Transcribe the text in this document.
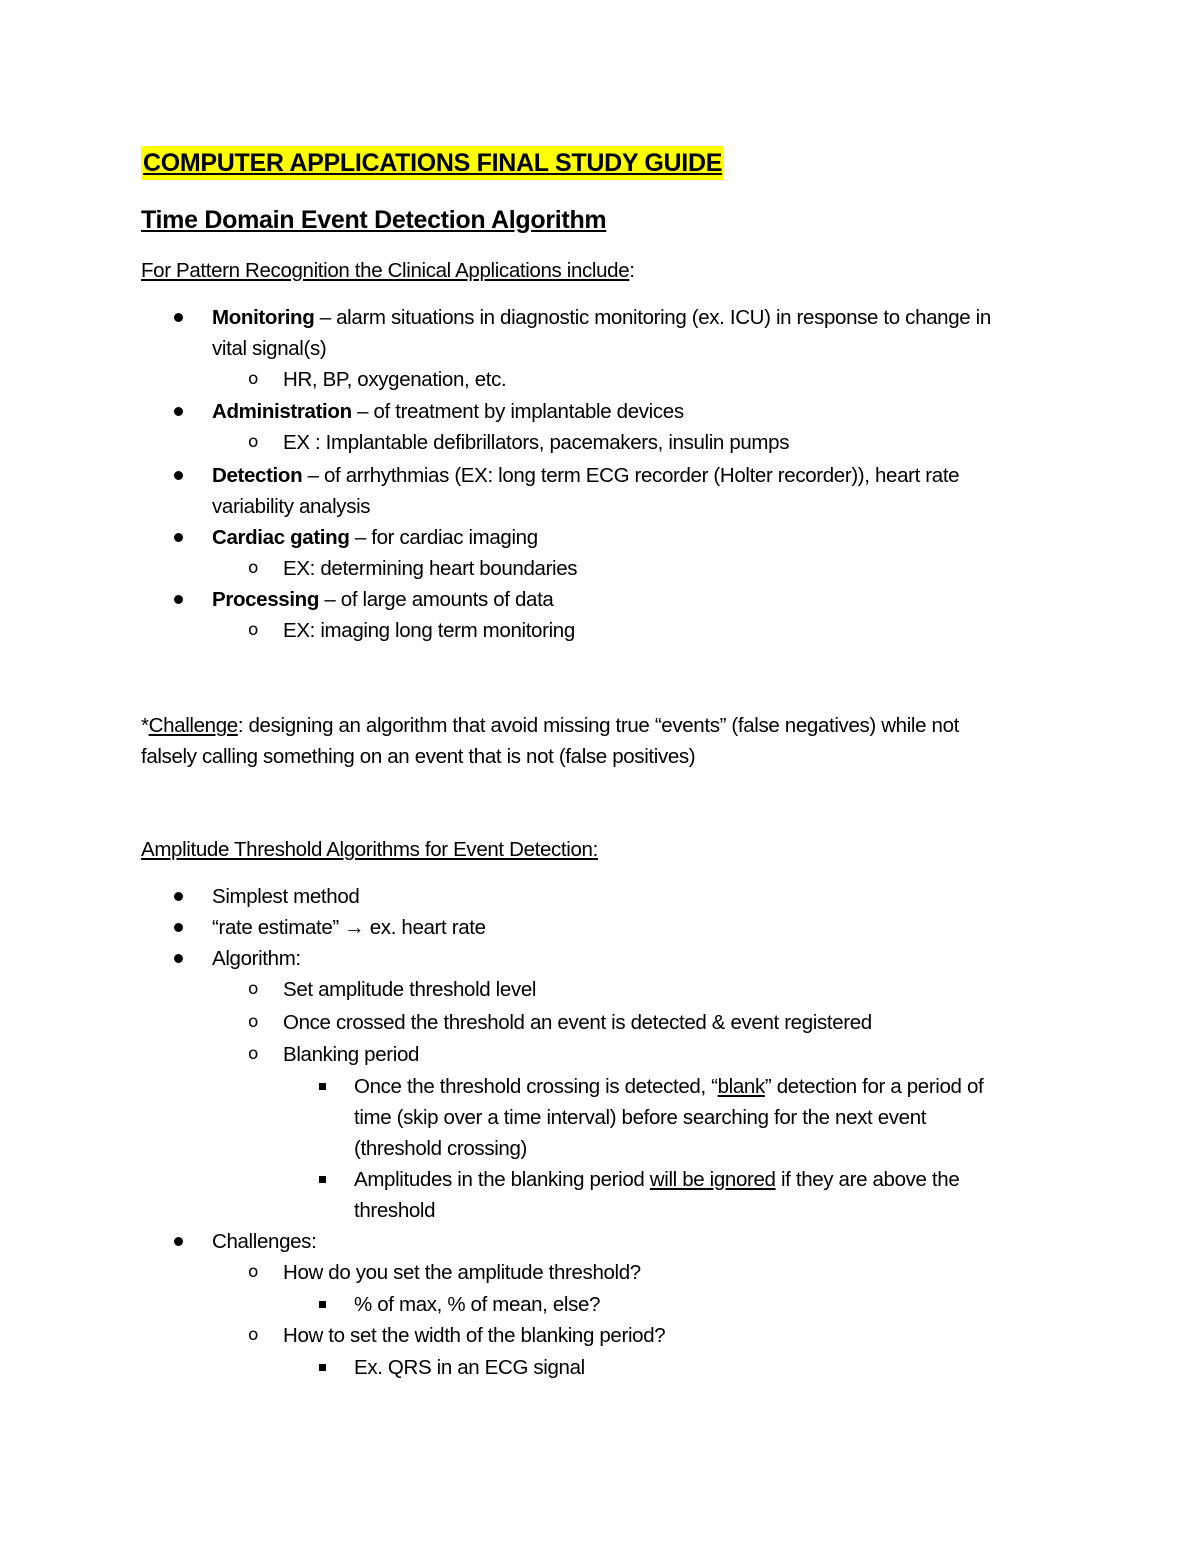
COMPUTER APPLICATIONS FINAL STUDY GUIDE
Time Domain Event Detection Algorithm
For Pattern Recognition the Clinical Applications include:
Monitoring – alarm situations in diagnostic monitoring (ex. ICU) in response to change in
vital signal(s)
o HR, BP, oxygenation, etc.
Administration – of treatment by implantable devices
o EX : Implantable defibrillators, pacemakers, insulin pumps
Detection – of arrhythmias (EX: long term ECG recorder (Holter recorder)), heart rate
variability analysis
Cardiac gating – for cardiac imaging
o EX: determining heart boundaries
Processing – of large amounts of data
o EX: imaging long term monitoring
*Challenge: designing an algorithm that avoid missing true “events” (false negatives) while not
falsely calling something on an event that is not (false positives)
Amplitude Threshold Algorithms for Event Detection:
Simplest method
“rate estimate” → ex. heart rate
Algorithm:
o Set amplitude threshold level
o Once crossed the threshold an event is detected & event registered
o Blanking period
Once the threshold crossing is detected, “blank” detection for a period of
time (skip over a time interval) before searching for the next event
(threshold crossing)
Amplitudes in the blanking period will be ignored if they are above the
threshold
Challenges:
o How do you set the amplitude threshold?
% of max, % of mean, else?
o How to set the width of the blanking period?
Ex. QRS in an ECG signal
